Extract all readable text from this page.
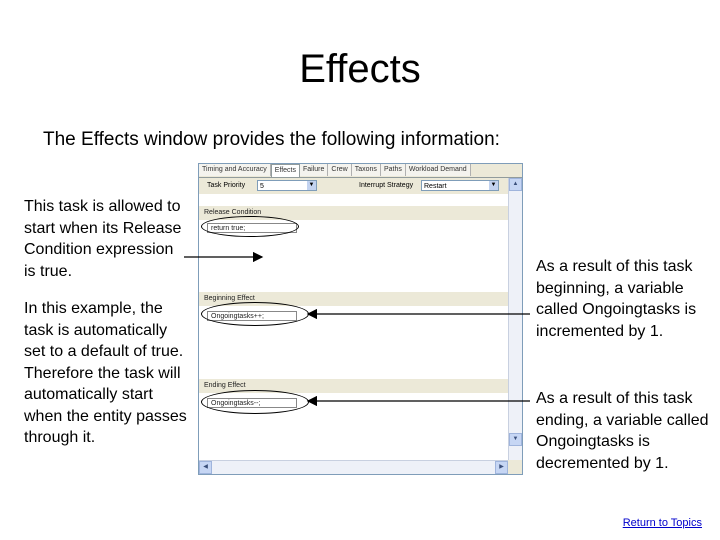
Effects
The Effects window provides the following information:
This task is allowed to start when its Release Condition expression is true.
In this example, the task is automatically set to a default of true. Therefore the task will automatically start when the entity passes through it.
As a result of this task beginning, a variable called Ongoingtasks is incremented by 1.
As a result of this task ending, a variable called Ongoingtasks is decremented by 1.
Timing and Accuracy	Effects	Failure	Crew	Taxons	Paths	Workload Demand
Task Priority	5	▼	Interrupt Strategy	Restart	▼
Release Condition
return true;
Beginning Effect
Ongoingtasks++;
Ending Effect
Ongoingtasks--;
▲
▼
◀	▶
Return to Topics
